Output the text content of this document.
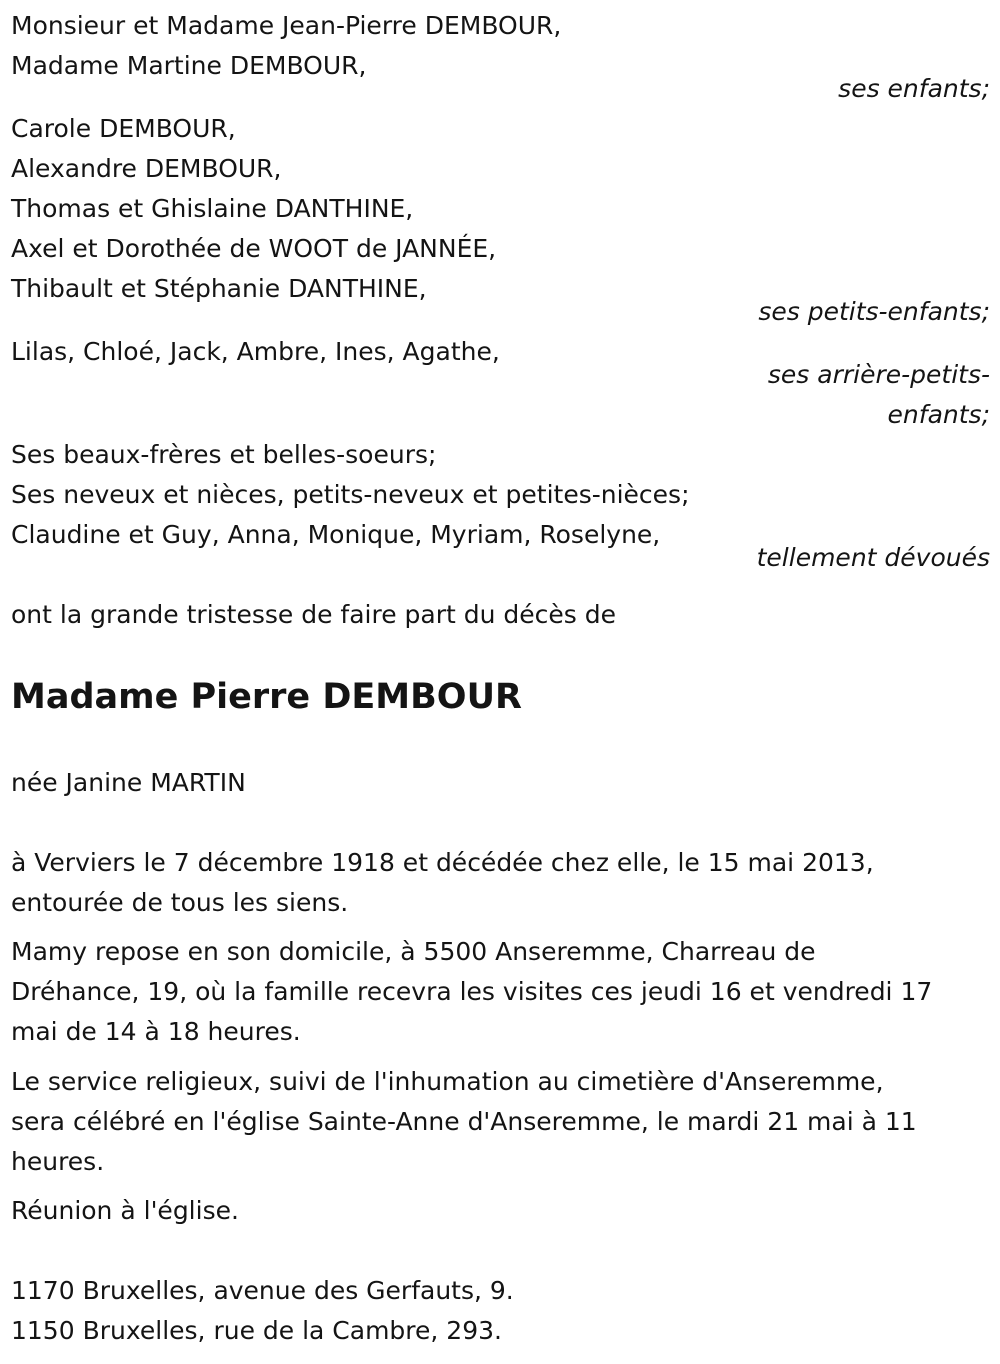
Monsieur et Madame Jean-Pierre DEMBOUR,
Madame Martine DEMBOUR,
ses enfants;
Carole DEMBOUR,
Alexandre DEMBOUR,
Thomas et Ghislaine DANTHINE,
Axel et Dorothée de WOOT de JANNÉE,
Thibault et Stéphanie DANTHINE,
ses petits-enfants;
Lilas, Chloé, Jack, Ambre, Ines, Agathe,
ses arrière-petits-
enfants;
Ses beaux-frères et belles-soeurs;
Ses neveux et nièces, petits-neveux et petites-nièces;
Claudine et Guy, Anna, Monique, Myriam, Roselyne,
tellement dévoués
ont la grande tristesse de faire part du décès de
Madame Pierre DEMBOUR
née Janine MARTIN
à Verviers le 7 décembre 1918 et décédée chez elle, le 15 mai 2013,
entourée de tous les siens.
Mamy repose en son domicile, à 5500 Anseremme, Charreau de
Dréhance, 19, où la famille recevra les visites ces jeudi 16 et vendredi 17
mai de 14 à 18 heures.
Le service religieux, suivi de l'inhumation au cimetière d'Anseremme,
sera célébré en l'église Sainte-Anne d'Anseremme, le mardi 21 mai à 11
heures.
Réunion à l'église.
1170 Bruxelles, avenue des Gerfauts, 9.
1150 Bruxelles, rue de la Cambre, 293.
